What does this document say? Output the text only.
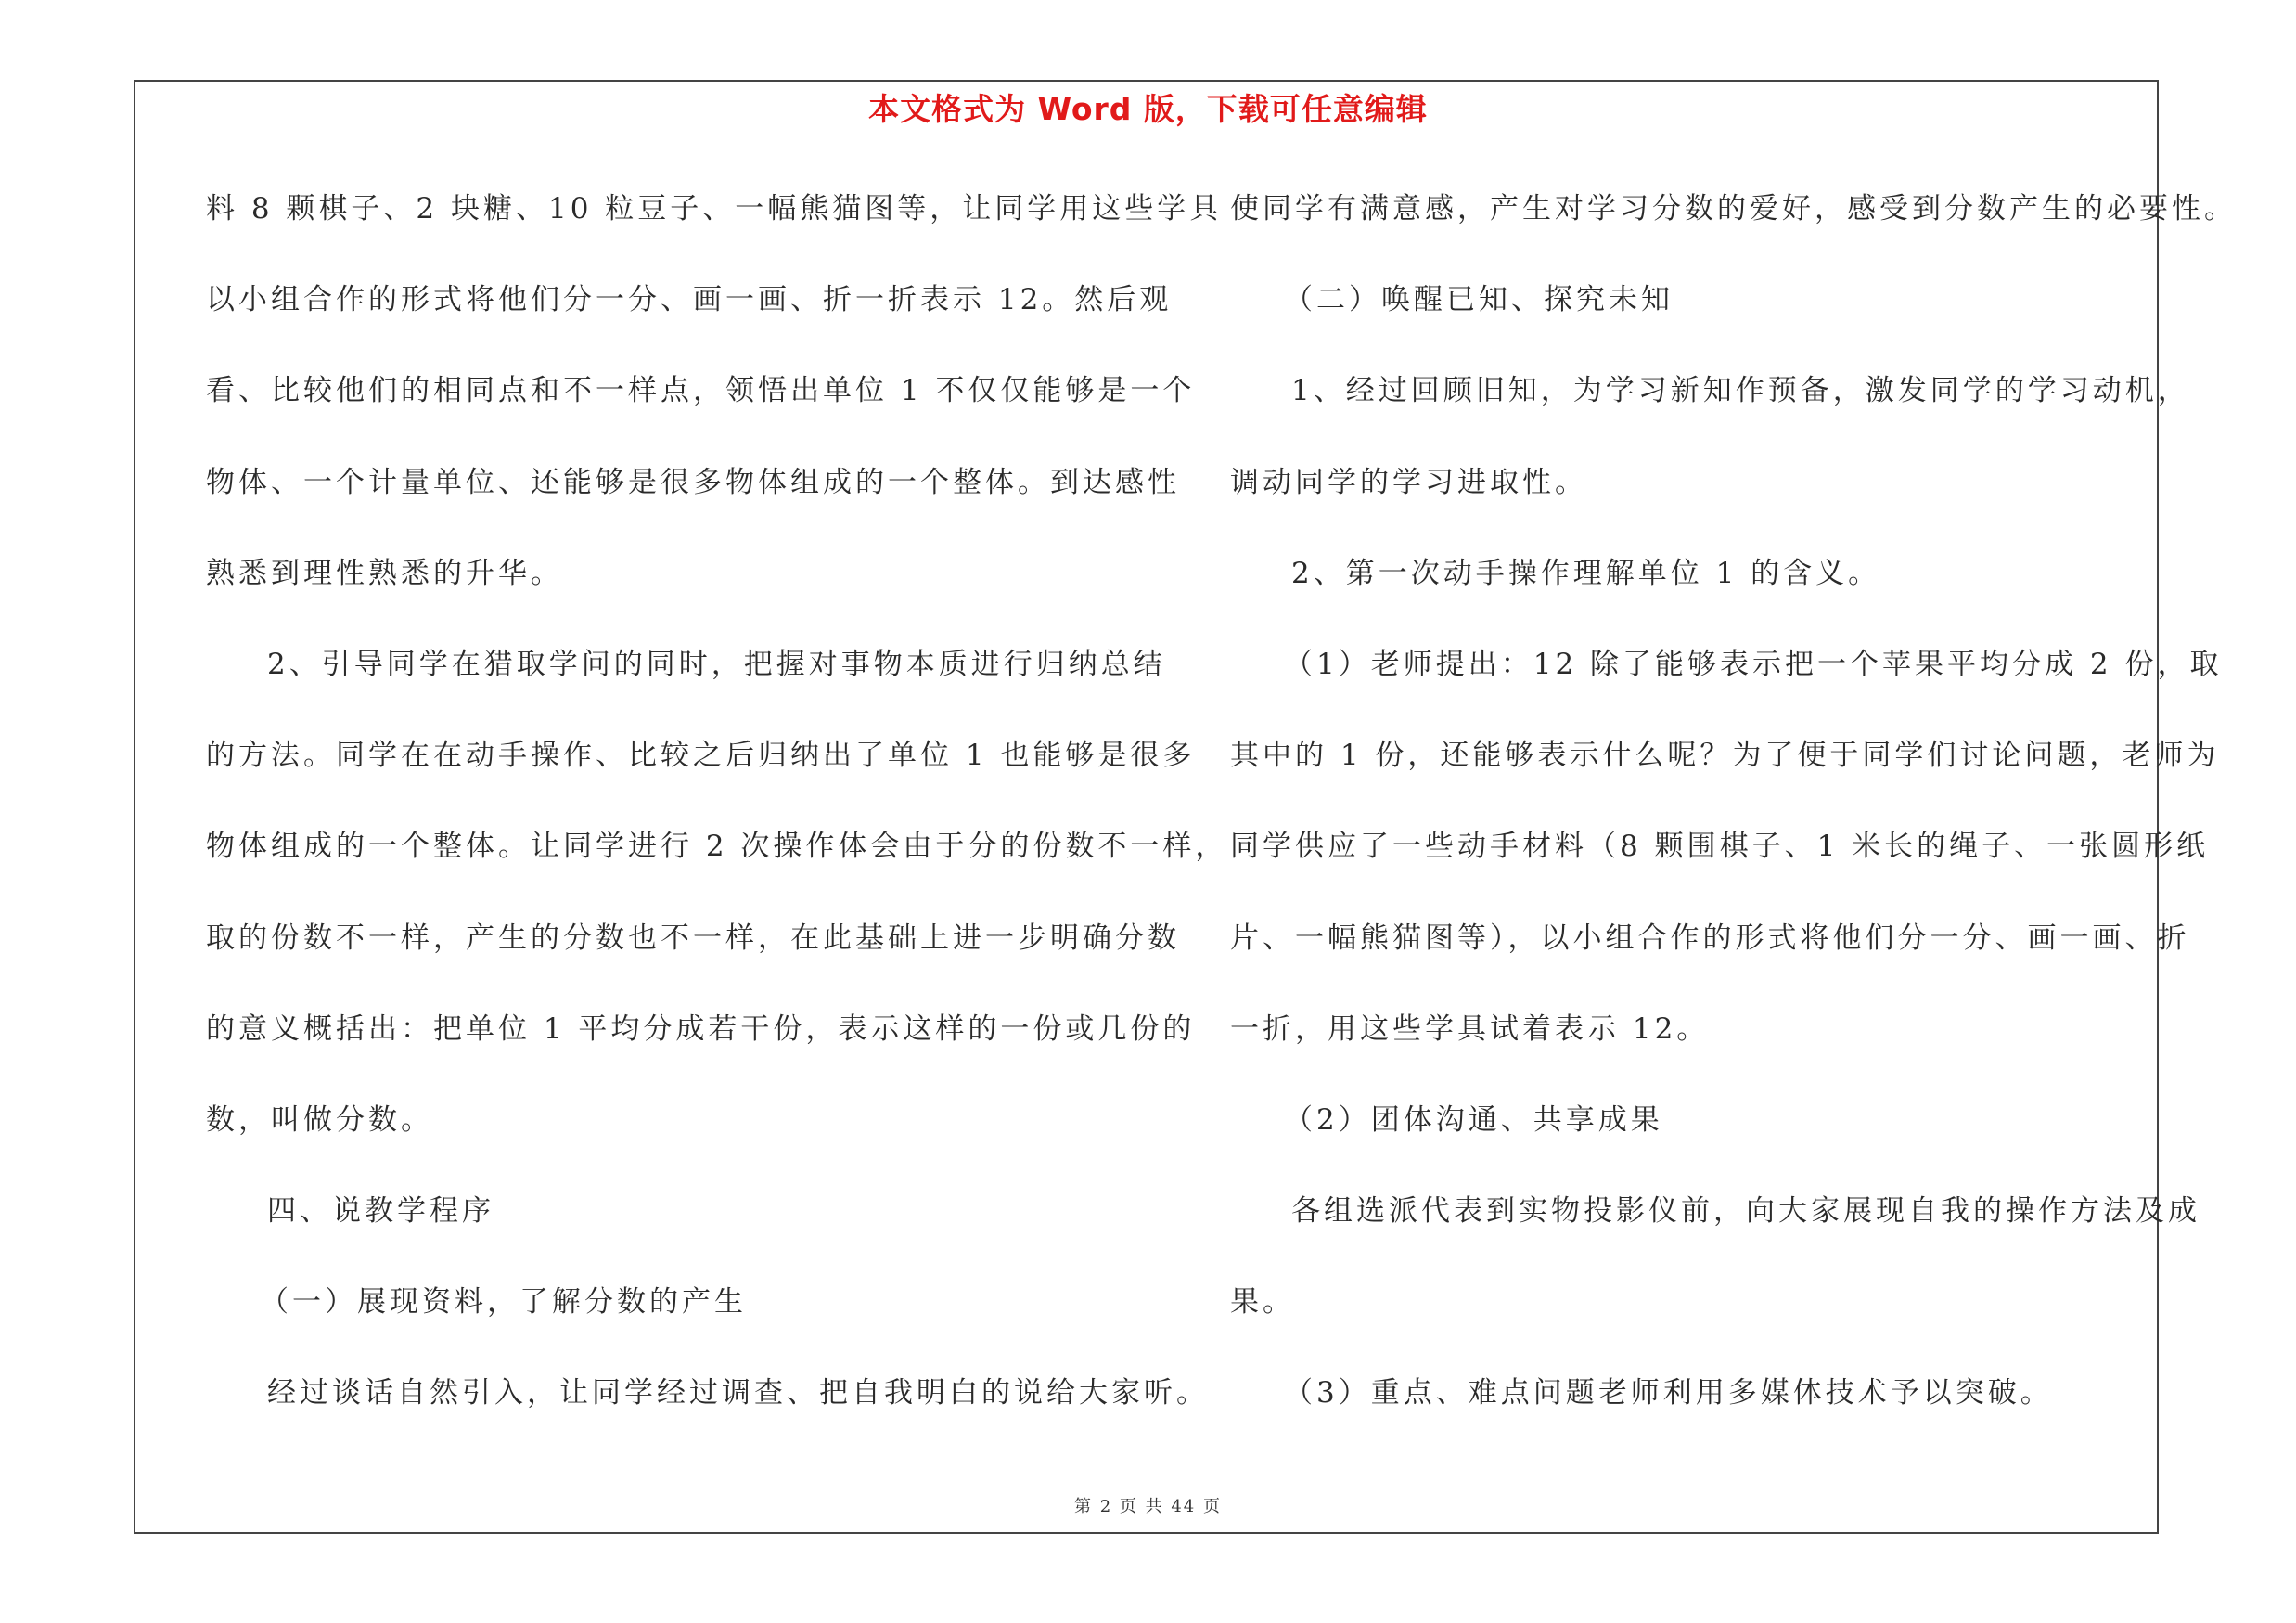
本文格式为 Word 版，下载可任意编辑
料 8 颗棋子、2 块糖、10 粒豆子、一幅熊猫图等，让同学用这些学具
以小组合作的形式将他们分一分、画一画、折一折表示 12。然后观
看、比较他们的相同点和不一样点，领悟出单位 1 不仅仅能够是一个
物体、一个计量单位、还能够是很多物体组成的一个整体。到达感性
熟悉到理性熟悉的升华。
2、引导同学在猎取学问的同时，把握对事物本质进行归纳总结
的方法。同学在在动手操作、比较之后归纳出了单位 1 也能够是很多
物体组成的一个整体。让同学进行 2 次操作体会由于分的份数不一样，
取的份数不一样，产生的分数也不一样，在此基础上进一步明确分数
的意义概括出：把单位 1 平均分成若干份，表示这样的一份或几份的
数，叫做分数。
四、说教学程序
（一）展现资料，了解分数的产生
经过谈话自然引入，让同学经过调查、把自我明白的说给大家听。
使同学有满意感，产生对学习分数的爱好，感受到分数产生的必要性。
（二）唤醒已知、探究未知
1、经过回顾旧知，为学习新知作预备，激发同学的学习动机，
调动同学的学习进取性。
2、第一次动手操作理解单位 1 的含义。
（1）老师提出：12 除了能够表示把一个苹果平均分成 2 份，取
其中的 1 份，还能够表示什么呢？为了便于同学们讨论问题，老师为
同学供应了一些动手材料（8 颗围棋子、1 米长的绳子、一张圆形纸
片、一幅熊猫图等），以小组合作的形式将他们分一分、画一画、折
一折，用这些学具试着表示 12。
（2）团体沟通、共享成果
各组选派代表到实物投影仪前，向大家展现自我的操作方法及成
果。
（3）重点、难点问题老师利用多媒体技术予以突破。
第 2 页 共 44 页
